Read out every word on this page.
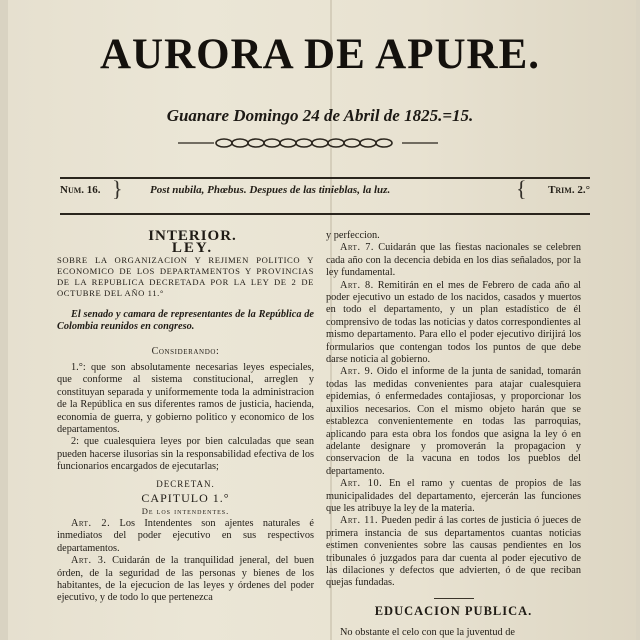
AURORA DE APURE.
Guanare Domingo 24 de Abril de 1825.=15.
Num. 16. } Post nubila, Phœbus. Despues de las tinieblas, la luz.	{ Trim. 2.°

INTERIOR.

LEY.

SOBRE LA ORGANIZACION Y REJIMEN POLITICO Y ECONOMICO DE LOS DEPARTAMENTOS Y PROVINCIAS DE LA REPUBLICA DECRETADA POR LA LEY DE 2 DE OCTUBRE DEL AÑO 11.°

El senado y camara de representantes de la República de Colombia reunidos en congreso.

Considerando:

1.°: que son absolutamente necesarias leyes especiales, que conforme al sistema constitucional, arreglen y constituyan separada y uniformemente toda la administracion de la República en sus diferentes ramos de justicia, hacienda, economia de guerra, y gobierno politico y economico de los departamentos.

2: que cualesquiera leyes por bien calculadas que sean pueden hacerse ilusorias sin la responsabilidad efectiva de los funcionarios encargados de ejecutarlas;

DECRETAN.

CAPITULO 1.°

De los intendentes.

Art. 2. Los Intendentes son ajentes naturales é inmediatos del poder ejecutivo en sus respectivos departamentos.

Art. 3. Cuidarán de la tranquilidad jeneral, del buen órden, de la seguridad de las personas y bienes de los habitantes, de la ejecucion de las leyes y órdenes del poder ejecutivo, y de todo lo que pertenezca

y perfeccion.

Art. 7. Cuidarán que las fiestas nacionales se celebren cada año con la decencia debida en los dias señalados, por la ley fundamental.

Art. 8. Remitirán en el mes de Febrero de cada año al poder ejecutivo un estado de los nacidos, casados y muertos en todo el departamento, y un plan estadístico de él comprensivo de todas las noticias y datos correspondientes al mismo departamento. Para ello el poder ejecutivo dirijirá los formularios que contengan todos los puntos de que debe darse noticia al gobierno.

Art. 9. Oido el informe de la junta de sanidad, tomarán todas las medidas convenientes para atajar cualesquiera epidemias, ó enfermedades contajiosas, y proporcionar los auxilios necesarios. Con el mismo objeto harán que se establezca convenientemente en todas las parroquias, aplicando para esta obra los fondos que asigna la ley ó en adelante designare y promoverán la propagacion y conservacion de la vacuna en todos los pueblos del departamento.

Art. 10. En el ramo y cuentas de propios de las municipalidades del departamento, ejercerán las funciones que les atribuye la ley de la materia.

Art. 11. Pueden pedir á las cortes de justicia ó jueces de primera instancia de sus departamentos cuantas noticias estimen convenientes sobre las causas pendientes en los tribunales ó juzgados para dar cuenta al poder ejecutivo de las dilaciones y defectos que advierten, ó de que reciban quejas fundadas.

EDUCACION PUBLICA.

No obstante el celo con que la juventud de
